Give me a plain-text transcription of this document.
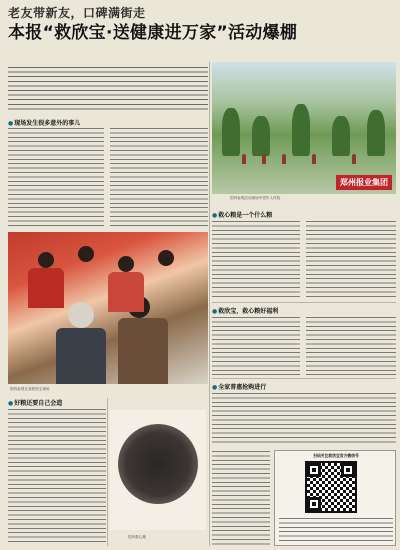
老友带新友，口碑满街走
本报“救欣宝·送健康进万家”活动爆棚
●现场发生很多意外的事儿
郑州报业集团
国内参观活动现场中老年人体验
●救心粮是一个什么粮
●救欣宝，救心粮好福利
国内参观互食救欣宝现场
●好粮还要自己会造
国内救心粮
●全家普惠抢购进行
扫码关注救欣宝官方微信号
